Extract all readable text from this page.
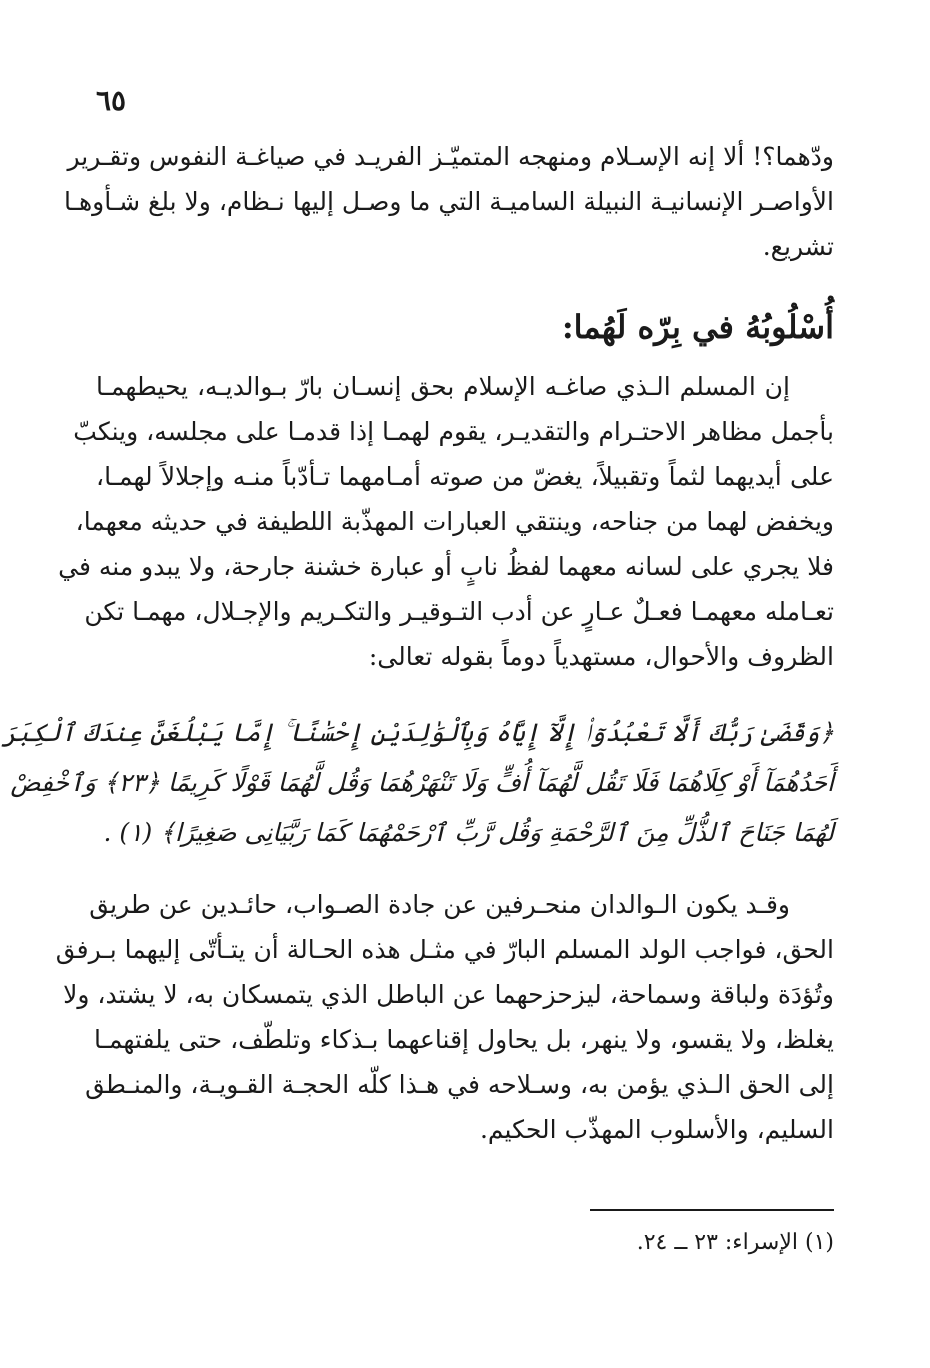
٦٥
ودّهما؟! ألا إنه الإسـلام ومنهجه المتميّـز الفريـد في صياغـة النفوس وتقـرير
الأواصـر الإنسانيـة النبيلة الساميـة التي ما وصـل إليها نـظام، ولا بلغ شـأوهـا
تشريع.
أُسْلُوبُهُ في بِرّه لَهُما:
إن المسلم الـذي صاغـه الإسلام بحق إنسـان بارّ بـوالديـه، يحيطهمـا
بأجمل مظاهر الاحتـرام والتقديـر، يقوم لهمـا إذا قدمـا على مجلسه، وينكبّ
على أيديهما لثماً وتقبيلاً، يغضّ من صوته أمـامهما تـأدّباً منـه وإجلالاً لهمـا،
ويخفض لهما من جناحه، وينتقي العبارات المهذّبة اللطيفة في حديثه معهما،
فلا يجري على لسانه معهما لفظُ نابٍ أو عبارة خشنة جارحة، ولا يبدو منه في
تعـامله معهمـا فعـلٌ عـارٍ عن أدب التـوقيـر والتكـريم والإجـلال، مهمـا تكن
الظروف والأحوال، مستهدياً دوماً بقوله تعالى:
﴿وَقَضَىٰ رَبُّكَ أَلَّا تَعْبُدُوٓا۟ إِلَّآ إِيَّاهُ وَبِٱلْوَٰلِدَيْنِ إِحْسَٰنًا ۚ إِمَّا يَبْلُغَنَّ عِندَكَ ٱلْكِبَرَ
أَحَدُهُمَآ أَوْ كِلَاهُمَا فَلَا تَقُل لَّهُمَآ أُفٍّ وَلَا تَنْهَرْهُمَا وَقُل لَّهُمَا قَوْلًا كَرِيمًا ﴿٢٣﴾ وَٱخْفِضْ
لَهُمَا جَنَاحَ ٱلذُّلِّ مِنَ ٱلرَّحْمَةِ وَقُل رَّبِّ ٱرْحَمْهُمَا كَمَا رَبَّيَانِى صَغِيرًا﴾ (١) .
وقـد يكون الـوالدان منحـرفين عن جادة الصـواب، حائـدين عن طريق
الحق، فواجب الولد المسلم البارّ في مثـل هذه الحـالة أن يتـأتّى إليهما بـرفق
وتُؤدَة ولباقة وسماحة، ليزحزحهما عن الباطل الذي يتمسكان به، لا يشتد، ولا
يغلظ، ولا يقسو، ولا ينهر، بل يحاول إقناعهما بـذكاء وتلطّف، حتى يلفتهمـا
إلى الحق الـذي يؤمن به، وسـلاحه في هـذا كلّه الحجـة القـويـة، والمنـطق
السليم، والأسلوب المهذّب الحكيم.
(١) الإسراء: ٢٣ ــ ٢٤.
